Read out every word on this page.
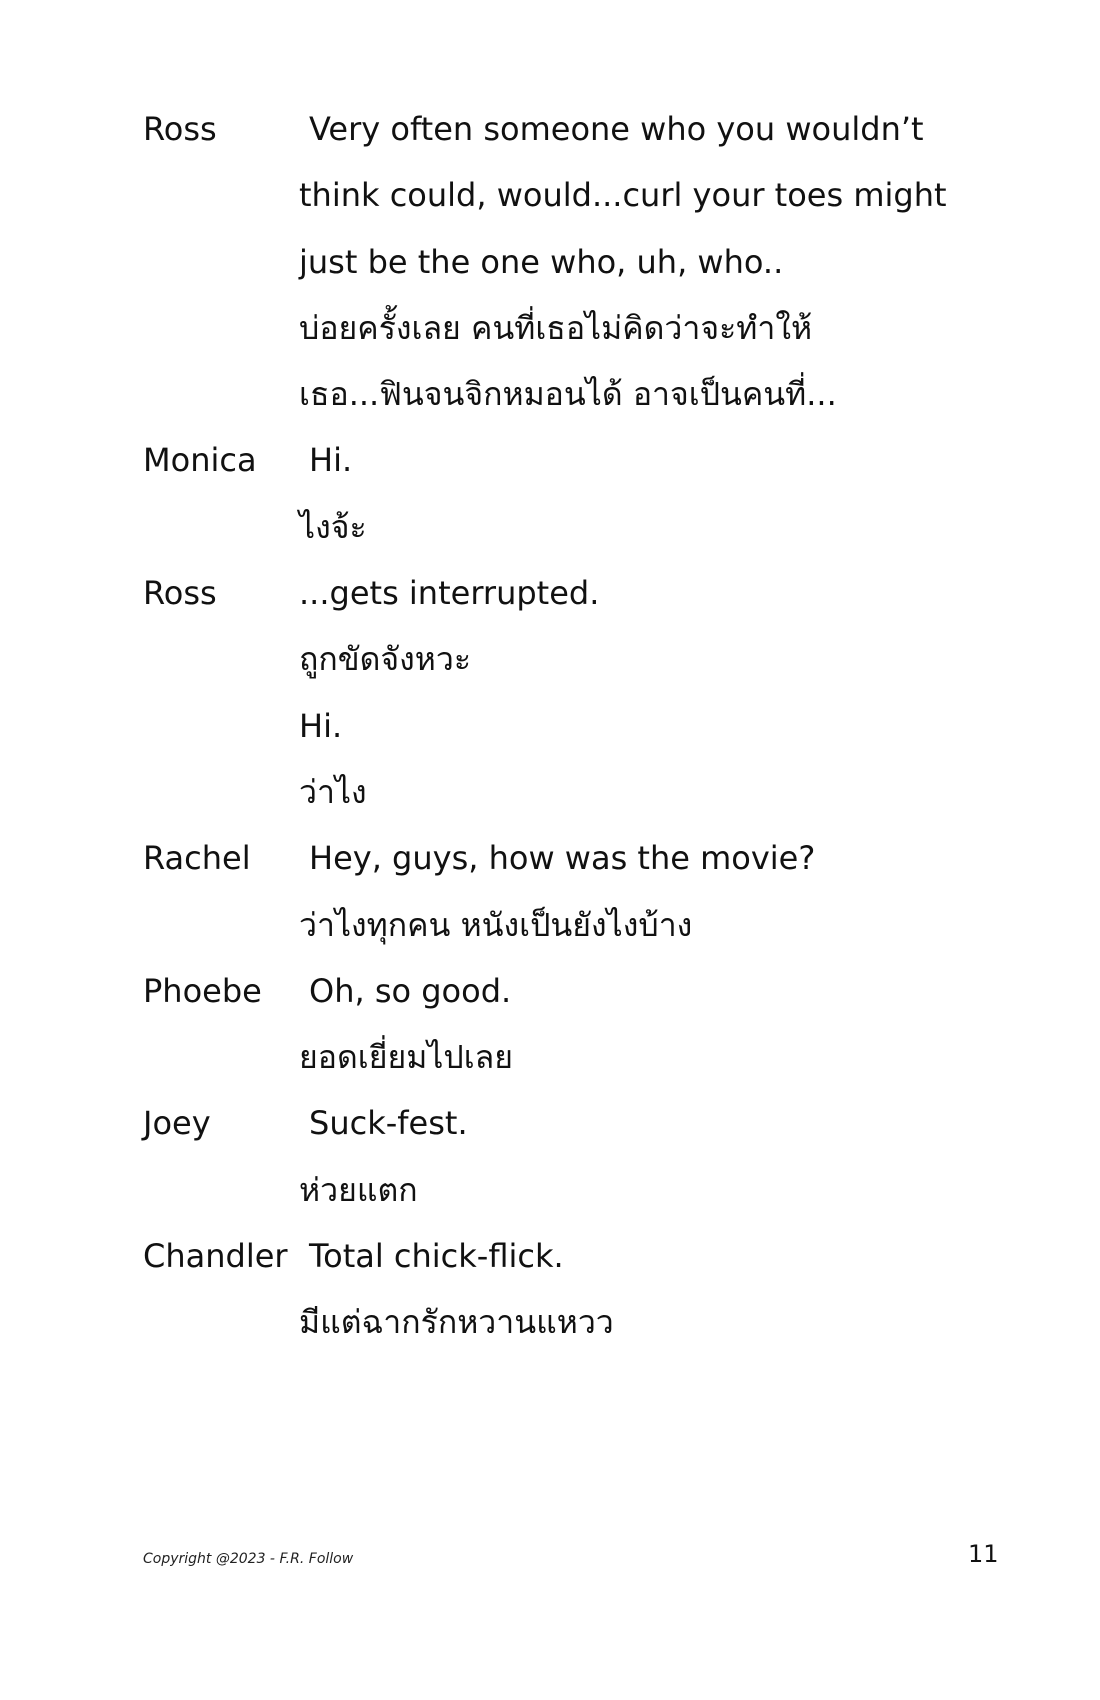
Ross	Very often someone who you wouldn’t
think could, would...curl your toes might
just be the one who, uh, who..
บ่อยครั้งเลย คนที่เธอไม่คิดว่าจะทำให้
เธอ...ฟินจนจิกหมอนได้ อาจเป็นคนที่...
Monica Hi.
ไงจ้ะ
Ross	...gets interrupted.
ถูกขัดจังหวะ
Hi.
ว่าไง
Rachel Hey, guys, how was the movie?
ว่าไงทุกคน หนังเป็นยังไงบ้าง
Phoebe Oh, so good.
ยอดเยี่ยมไปเลย
Joey	Suck-fest.
ห่วยแตก
Chandler Total chick-flick.
มีแต่ฉากรักหวานแหวว
Copyright @2023 - F.R. Follow	11
